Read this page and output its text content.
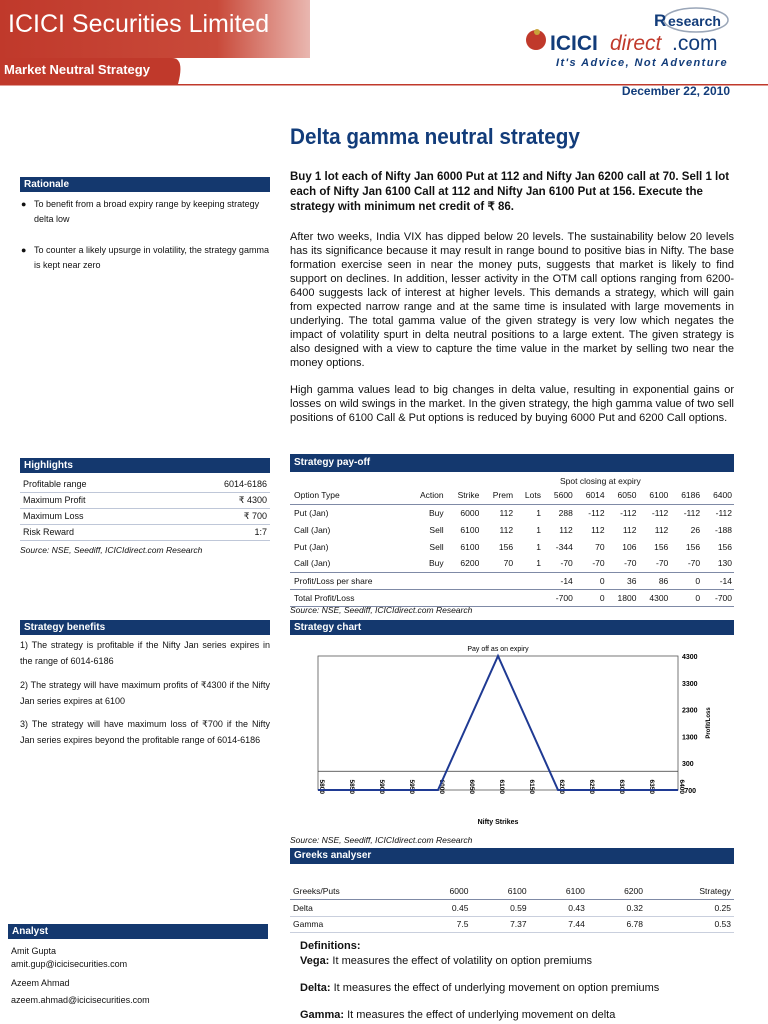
ICICI Securities Limited
Market Neutral Strategy
R esearch
ICICI direct .com
It's Advice, Not Adventure
December 22, 2010
Rationale
● To benefit from a broad expiry range by keeping strategy delta low
● To counter a likely upsurge in volatility, the strategy gamma is kept near zero
Highlights
Profitable range	6014-6186
Maximum Profit	₹ 4300
Maximum Loss	₹ 700
Risk Reward	1:7
Source: NSE, Seediff, ICICIdirect.com Research
Strategy benefits
1) The strategy is profitable if the Nifty Jan series expires in the range of 6014-6186
2) The strategy will have maximum profits of ₹4300 if the Nifty Jan series expires at 6100
3) The strategy will have maximum loss of ₹700 if the Nifty Jan series expires beyond the profitable range of 6014-6186
Analyst
Amit Gupta
amit.gup@icicisecurities.com
Azeem Ahmad
azeem.ahmad@icicisecurities.com
Delta gamma neutral strategy
Buy 1 lot each of Nifty Jan 6000 Put at 112 and Nifty Jan 6200 call at 70. Sell 1 lot each of Nifty Jan 6100 Call at 112 and Nifty Jan 6100 Put at 156. Execute the strategy with minimum net credit of ₹ 86.
After two weeks, India VIX has dipped below 20 levels. The sustainability below 20 levels has its significance because it may result in range bound to positive bias in Nifty. The base formation exercise seen in near the money puts, suggests that market is likely to find support on declines. In addition, lesser activity in the OTM call options ranging from 6200-6400 suggests lack of interest at higher levels. This demands a strategy, which will gain from expected narrow range and at the same time is insulated with large movements in underlying. The total gamma value of the given strategy is very low which negates the impact of volatility spurt in delta neutral positions to a large extent. The given strategy is also designed with a view to capture the time value in the market by selling two near the money options.
High gamma values lead to big changes in delta value, resulting in exponential gains or losses on wild swings in the market. In the given strategy, the high gamma value of two sell positions of 6100 Call & Put options is reduced by buying 6000 Put and 6200 Call options.
Strategy pay-off
Spot closing at expiry
Option Type	Action	Strike	Prem	Lots	5600	6014	6050	6100	6186	6400
Put (Jan)	Buy	6000	112	1	288	-112	-112	-112	-112	-112
Call (Jan)	Sell	6100	112	1	112	112	112	112	26	-188
Put (Jan)	Sell	6100	156	1	-344	70	106	156	156	156
Call (Jan)	Buy	6200	70	1	-70	-70	-70	-70	-70	130
Profit/Loss per share					-14	0	36	86	0	-14
Total Profit/Loss					-700	0	1800	4300	0	-700
Source: NSE, Seediff, ICICIdirect.com Research
Strategy chart
Pay off as on expiry
-700
300
1300
2300
3300
4300
Profit/Loss
5800	5850	5900	5950	6000	6050	6100	6150	6200	6250	6300	6350	6400
Nifty Strikes
Source: NSE, Seediff, ICICIdirect.com Research
Greeks analyser
Greeks/Puts	6000	6100	6100	6200	Strategy
Delta	0.45	0.59	0.43	0.32	0.25
Gamma	7.5	7.37	7.44	6.78	0.53
Definitions:
Vega: It measures the effect of volatility on option premiums
Delta: It measures the effect of underlying movement on option premiums
Gamma: It measures the effect of underlying movement on delta
